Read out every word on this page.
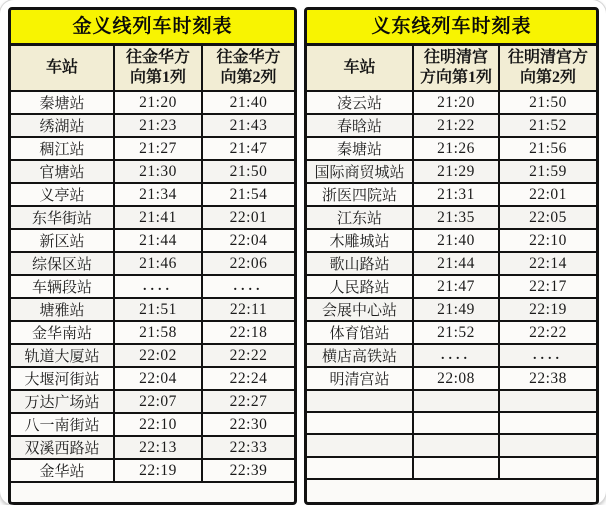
金义线列车时刻表
车站	往金华方向第1列	往金华方向第2列
秦塘站	21:20	21:40
绣湖站	21:23	21:43
稠江站	21:27	21:47
官塘站	21:30	21:50
义亭站	21:34	21:54
东华街站	21:41	22:01
新区站	21:44	22:04
综保区站	21:46	22:06
车辆段站	....	....
塘雅站	21:51	22:11
金华南站	21:58	22:18
轨道大厦站	22:02	22:22
大堰河街站	22:04	22:24
万达广场站	22:07	22:27
八一南街站	22:10	22:30
双溪西路站	22:13	22:33
金华站	22:19	22:39
义东线列车时刻表
车站	往明清宫方向第1列	往明清宫方向第2列
凌云站	21:20	21:50
春晗站	21:22	21:52
秦塘站	21:26	21:56
国际商贸城站	21:29	21:59
浙医四院站	21:31	22:01
江东站	21:35	22:05
木雕城站	21:40	22:10
歌山路站	21:44	22:14
人民路站	21:47	22:17
会展中心站	21:49	22:19
体育馆站	21:52	22:22
横店高铁站	....	....
明清宫站	22:08	22:38
